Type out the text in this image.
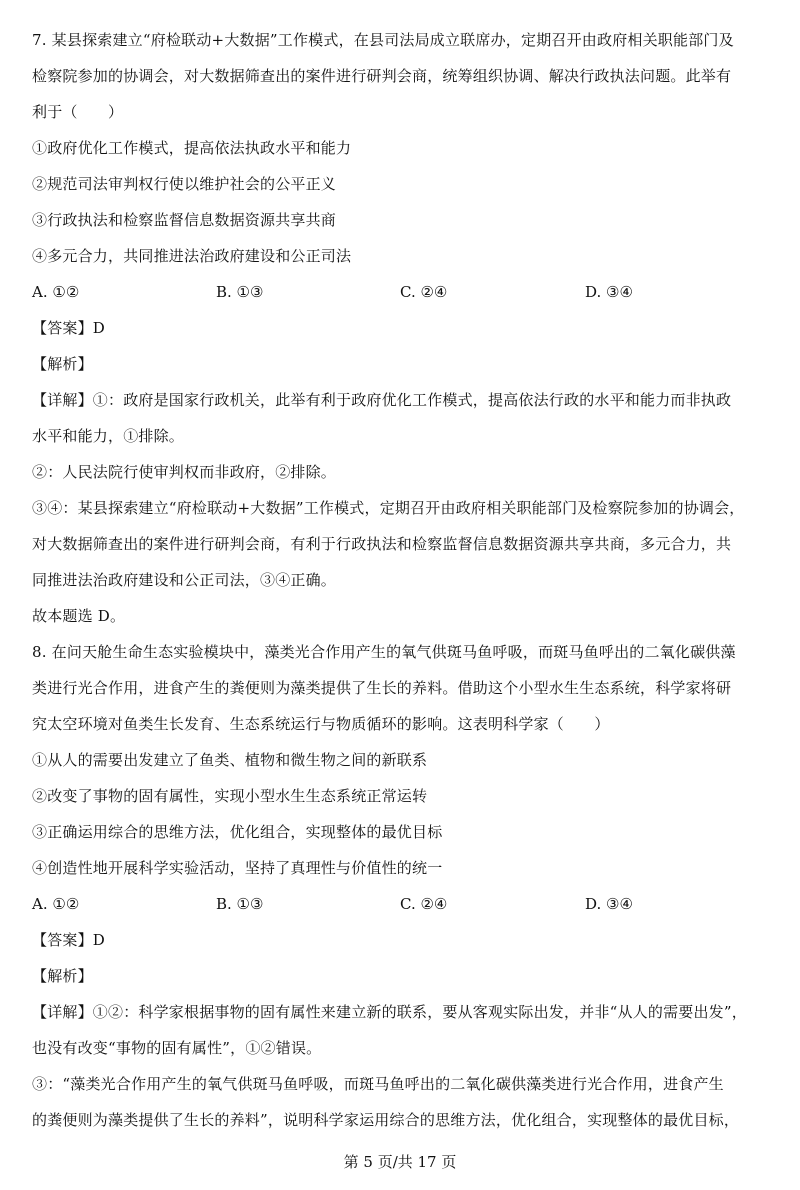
7. 某县探索建立“府检联动+大数据”工作模式，在县司法局成立联席办，定期召开由政府相关职能部门及
检察院参加的协调会，对大数据筛查出的案件进行研判会商，统筹组织协调、解决行政执法问题。此举有
利于（　　）
①政府优化工作模式，提高依法执政水平和能力
②规范司法审判权行使以维护社会的公平正义
③行政执法和检察监督信息数据资源共享共商
④多元合力，共同推进法治政府建设和公正司法
A. ①②	B. ①③	C. ②④	D. ③④
【答案】D
【解析】
【详解】①：政府是国家行政机关，此举有利于政府优化工作模式，提高依法行政的水平和能力而非执政
水平和能力，①排除。
②：人民法院行使审判权而非政府，②排除。
③④：某县探索建立“府检联动+大数据”工作模式，定期召开由政府相关职能部门及检察院参加的协调会，
对大数据筛查出的案件进行研判会商，有利于行政执法和检察监督信息数据资源共享共商，多元合力，共
同推进法治政府建设和公正司法，③④正确。
故本题选 D。
8. 在问天舱生命生态实验模块中，藻类光合作用产生的氧气供斑马鱼呼吸，而斑马鱼呼出的二氧化碳供藻
类进行光合作用，进食产生的粪便则为藻类提供了生长的养料。借助这个小型水生生态系统，科学家将研
究太空环境对鱼类生长发育、生态系统运行与物质循环的影响。这表明科学家（　　）
①从人的需要出发建立了鱼类、植物和微生物之间的新联系
②改变了事物的固有属性，实现小型水生生态系统正常运转
③正确运用综合的思维方法，优化组合，实现整体的最优目标
④创造性地开展科学实验活动，坚持了真理性与价值性的统一
A. ①②	B. ①③	C. ②④	D. ③④
【答案】D
【解析】
【详解】①②：科学家根据事物的固有属性来建立新的联系，要从客观实际出发，并非“从人的需要出发”，
也没有改变“事物的固有属性”，①②错误。
③：“藻类光合作用产生的氧气供斑马鱼呼吸，而斑马鱼呼出的二氧化碳供藻类进行光合作用，进食产生
的粪便则为藻类提供了生长的养料”，说明科学家运用综合的思维方法，优化组合，实现整体的最优目标，
第 5 页/共 17 页
